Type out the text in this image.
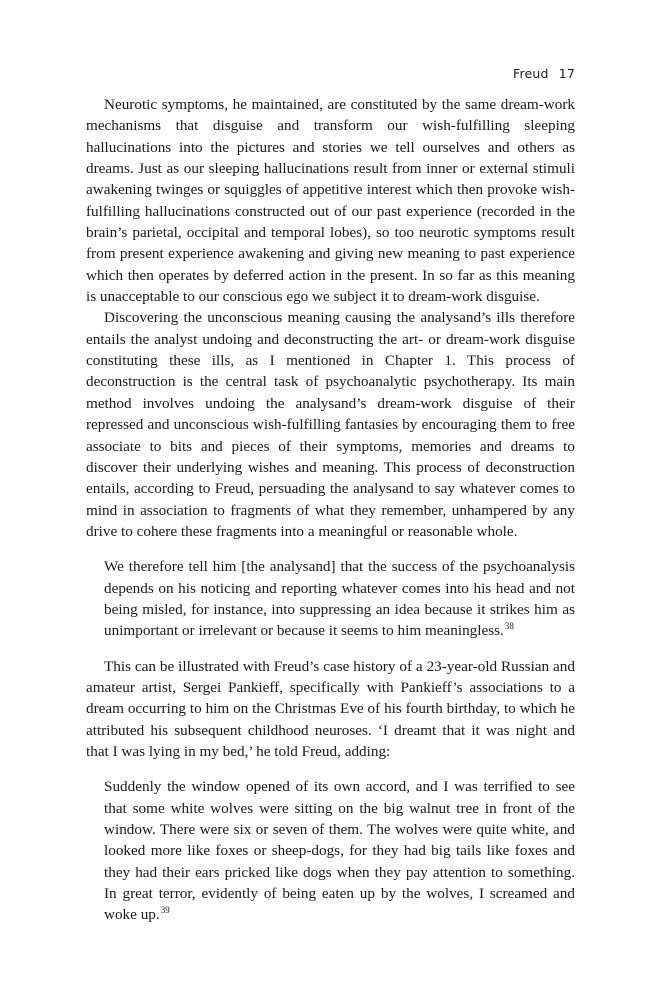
Freud 17

Neurotic symptoms, he maintained, are constituted by the same dream-work mechanisms that disguise and transform our wish-fulfilling sleeping hallucinations into the pictures and stories we tell ourselves and others as dreams. Just as our sleeping hallucinations result from inner or external stimuli awakening twinges or squiggles of appetitive interest which then provoke wish-fulfilling hallucinations constructed out of our past experience (recorded in the brain’s parietal, occipital and temporal lobes), so too neurotic symptoms result from present experience awakening and giving new meaning to past experience which then operates by deferred action in the present. In so far as this meaning is unacceptable to our conscious ego we subject it to dream-work disguise.

Discovering the unconscious meaning causing the analysand’s ills therefore entails the analyst undoing and deconstructing the art- or dream-work disguise constituting these ills, as I mentioned in Chapter 1. This process of deconstruction is the central task of psychoanalytic psychotherapy. Its main method involves undoing the analysand’s dream-work disguise of their repressed and unconscious wish-fulfilling fantasies by encouraging them to free associate to bits and pieces of their symptoms, memories and dreams to discover their underlying wishes and meaning. This process of deconstruction entails, according to Freud, persuading the analysand to say whatever comes to mind in association to fragments of what they remember, unhampered by any drive to cohere these fragments into a meaningful or reasonable whole.

We therefore tell him [the analysand] that the success of the psychoanalysis depends on his noticing and reporting whatever comes into his head and not being misled, for instance, into suppressing an idea because it strikes him as unimportant or irrelevant or because it seems to him meaningless.$^{38}$

This can be illustrated with Freud’s case history of a 23-year-old Russian and amateur artist, Sergei Pankieff, specifically with Pankieff’s associations to a dream occurring to him on the Christmas Eve of his fourth birthday, to which he attributed his subsequent childhood neuroses. ‘I dreamt that it was night and that I was lying in my bed,’ he told Freud, adding:

Suddenly the window opened of its own accord, and I was terrified to see that some white wolves were sitting on the big walnut tree in front of the window. There were six or seven of them. The wolves were quite white, and looked more like foxes or sheep-dogs, for they had big tails like foxes and they had their ears pricked like dogs when they pay attention to something. In great terror, evidently of being eaten up by the wolves, I screamed and woke up.$^{39}$
